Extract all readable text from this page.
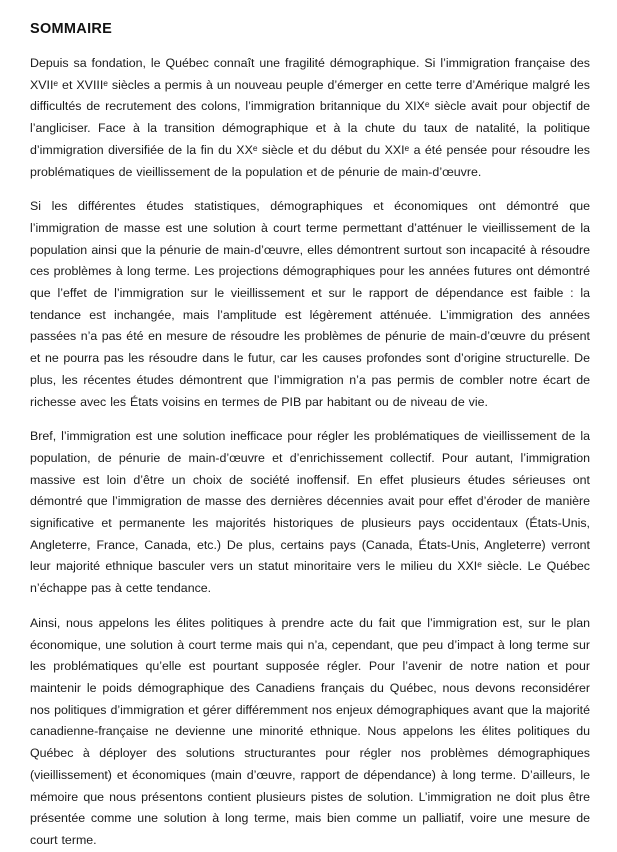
SOMMAIRE

Depuis sa fondation, le Québec connaît une fragilité démographique. Si l’immigration française des XVIIᵉ et XVIIIᵉ siècles a permis à un nouveau peuple d’émerger en cette terre d’Amérique malgré les difficultés de recrutement des colons, l’immigration britannique du XIXᵉ siècle avait pour objectif de l’angliciser. Face à la transition démographique et à la chute du taux de natalité, la politique d’immigration diversifiée de la fin du XXᵉ siècle et du début du XXIᵉ a été pensée pour résoudre les problématiques de vieillissement de la population et de pénurie de main-d’œuvre.

Si les différentes études statistiques, démographiques et économiques ont démontré que l’immigration de masse est une solution à court terme permettant d’atténuer le vieillissement de la population ainsi que la pénurie de main-d’œuvre, elles démontrent surtout son incapacité à résoudre ces problèmes à long terme. Les projections démographiques pour les années futures ont démontré que l’effet de l’immigration sur le vieillissement et sur le rapport de dépendance est faible : la tendance est inchangée, mais l’amplitude est légèrement atténuée. L’immigration des années passées n’a pas été en mesure de résoudre les problèmes de pénurie de main-d’œuvre du présent et ne pourra pas les résoudre dans le futur, car les causes profondes sont d’origine structurelle. De plus, les récentes études démontrent que l’immigration n’a pas permis de combler notre écart de richesse avec les États voisins en termes de PIB par habitant ou de niveau de vie.

Bref, l’immigration est une solution inefficace pour régler les problématiques de vieillissement de la population, de pénurie de main-d’œuvre et d’enrichissement collectif. Pour autant, l’immigration massive est loin d’être un choix de société inoffensif. En effet plusieurs études sérieuses ont démontré que l’immigration de masse des dernières décennies avait pour effet d’éroder de manière significative et permanente les majorités historiques de plusieurs pays occidentaux (États-Unis, Angleterre, France, Canada, etc.) De plus, certains pays (Canada, États-Unis, Angleterre) verront leur majorité ethnique basculer vers un statut minoritaire vers le milieu du XXIᵉ siècle. Le Québec n’échappe pas à cette tendance.

Ainsi, nous appelons les élites politiques à prendre acte du fait que l’immigration est, sur le plan économique, une solution à court terme mais qui n’a, cependant, que peu d’impact à long terme sur les problématiques qu’elle est pourtant supposée régler. Pour l’avenir de notre nation et pour maintenir le poids démographique des Canadiens français du Québec, nous devons reconsidérer nos politiques d’immigration et gérer différemment nos enjeux démographiques avant que la majorité canadienne-française ne devienne une minorité ethnique. Nous appelons les élites politiques du Québec à déployer des solutions structurantes pour régler nos problèmes démographiques (vieillissement) et économiques (main d’œuvre, rapport de dépendance) à long terme. D’ailleurs, le mémoire que nous présentons contient plusieurs pistes de solution. L’immigration ne doit plus être présentée comme une solution à long terme, mais bien comme un palliatif, voire une mesure de court terme.
